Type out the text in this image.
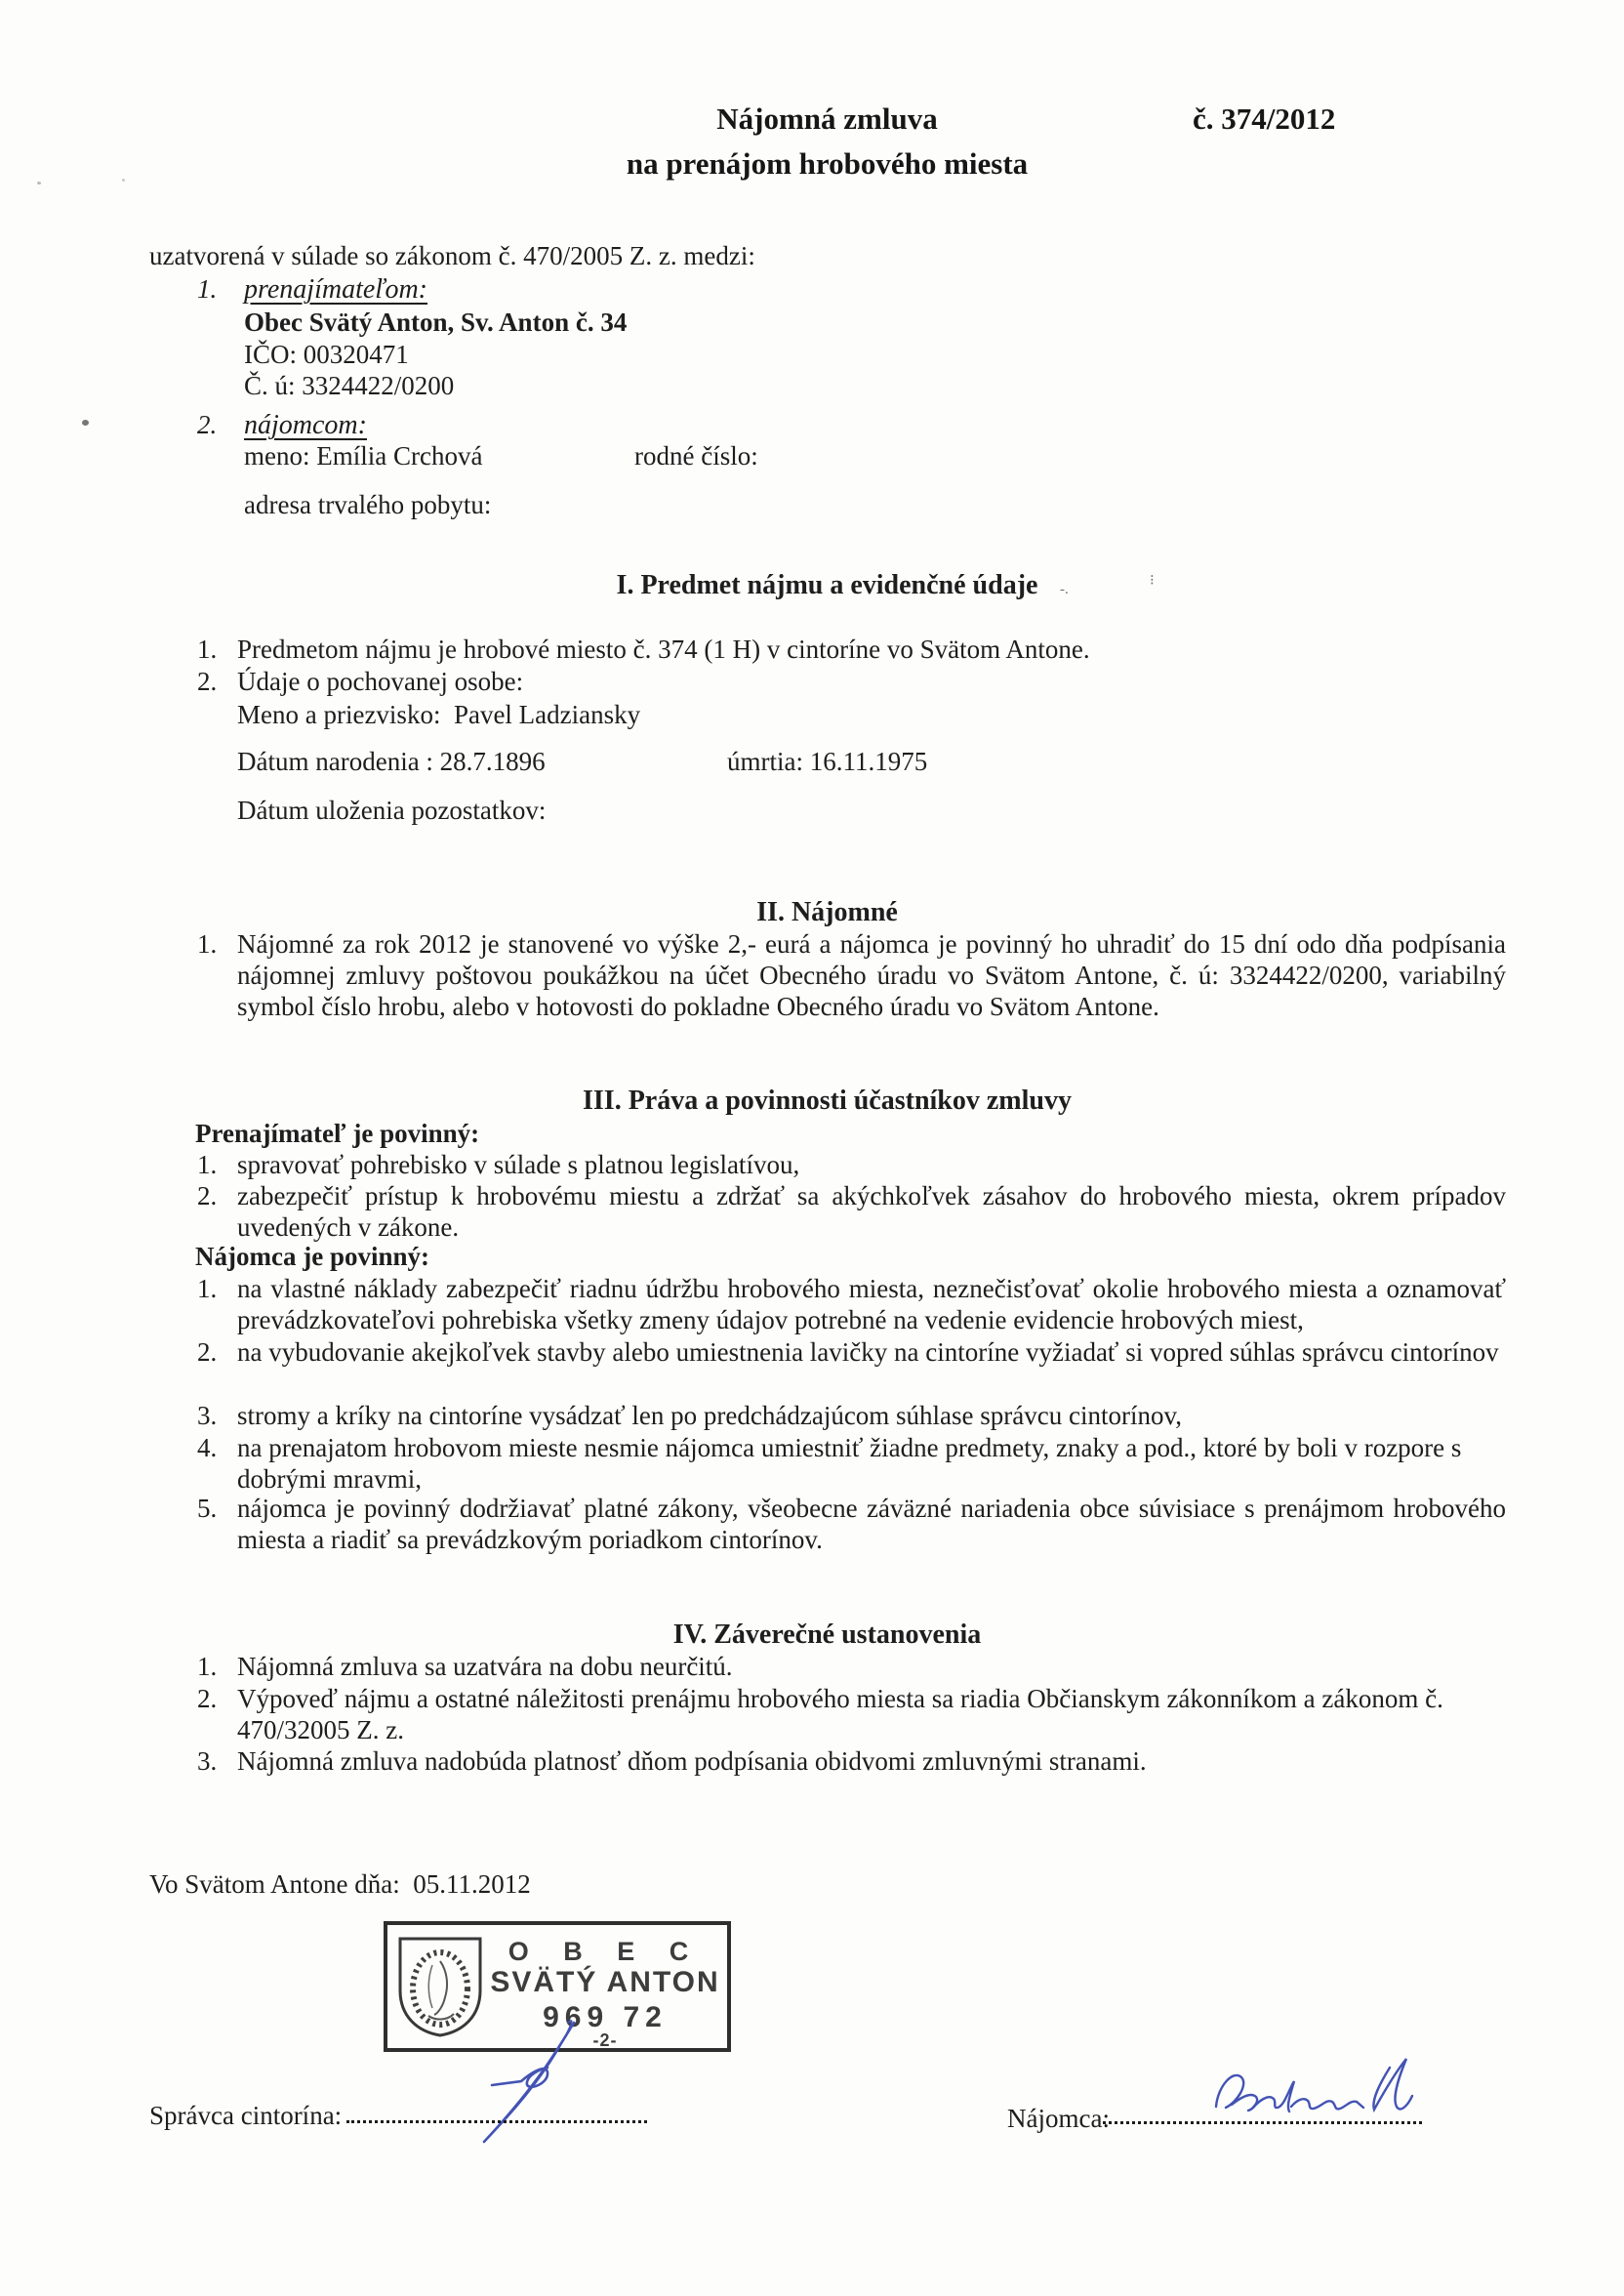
Nájomná zmluva
na prenájom hrobového miesta
č. 374/2012
uzatvorená v súlade so zákonom č. 470/2005 Z. z. medzi:
1. prenajímateľom:
Obec Svätý Anton, Sv. Anton č. 34
IČO: 00320471
Č. ú: 3324422/0200
2. nájomcom:
meno: Emília Crchová	rodné číslo:
adresa trvalého pobytu:
I. Predmet nájmu a evidenčné údaje	-.
⁝
1. Predmetom nájmu je hrobové miesto č. 374 (1 H) v cintoríne vo Svätom Antone.
2. Údaje o pochovanej osobe:
Meno a priezvisko:  Pavel Ladziansky
Dátum narodenia : 28.7.1896	úmrtia: 16.11.1975
Dátum uloženia pozostatkov:
II. Nájomné
1. Nájomné za rok 2012 je stanovené vo výške 2,- eurá a nájomca je povinný ho uhradiť do 15 dní odo dňa podpísania nájomnej zmluvy poštovou poukážkou na účet Obecného úradu vo Svätom Antone, č. ú: 3324422/0200, variabilný symbol číslo hrobu, alebo v hotovosti do pokladne Obecného úradu vo Svätom Antone.
III. Práva a povinnosti účastníkov zmluvy
Prenajímateľ je povinný:
1. spravovať pohrebisko v súlade s platnou legislatívou,
2. zabezpečiť prístup k hrobovému miestu a zdržať sa akýchkoľvek zásahov do hrobového miesta, okrem prípadov uvedených v zákone.
Nájomca je povinný:
1. na vlastné náklady zabezpečiť riadnu údržbu hrobového miesta, neznečisťovať okolie hrobového miesta a oznamovať prevádzkovateľovi pohrebiska všetky zmeny údajov potrebné na vedenie evidencie hrobových miest,
2. na vybudovanie akejkoľvek stavby alebo umiestnenia lavičky na cintoríne vyžiadať si vopred súhlas správcu cintorínov
3. stromy a kríky na cintoríne vysádzať len po predchádzajúcom súhlase správcu cintorínov,
4. na prenajatom hrobovom mieste nesmie nájomca umiestniť žiadne predmety, znaky a pod., ktoré by boli v rozpore s dobrými mravmi,
5. nájomca je povinný dodržiavať platné zákony, všeobecne záväzné nariadenia obce súvisiace s prenájmom hrobového miesta a riadiť sa prevádzkovým poriadkom cintorínov.
IV. Záverečné ustanovenia
1. Nájomná zmluva sa uzatvára na dobu neurčitú.
2. Výpoveď nájmu a ostatné náležitosti prenájmu hrobového miesta sa riadia Občianskym zákonníkom a zákonom č. 470/32005 Z. z.
3. Nájomná zmluva nadobúda platnosť dňom podpísania obidvomi zmluvnými stranami.
Vo Svätom Antone dňa:  05.11.2012
O B E C
SVÄTÝ ANTON
969 72
-2-
Správca cintorína:	Nájomca:
